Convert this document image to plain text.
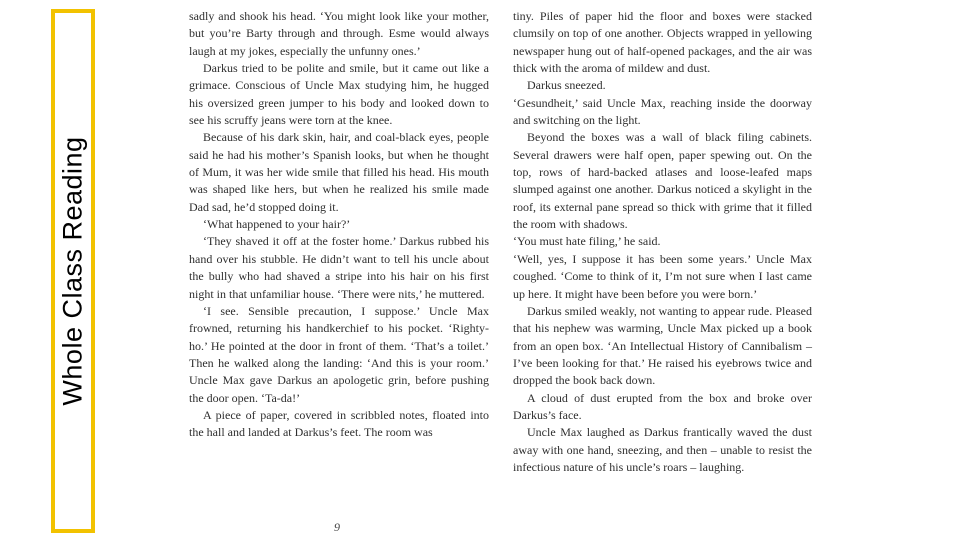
Whole Class Reading

sadly and shook his head. ‘You might look like your mother, but you’re Barty through and through. Esme would always laugh at my jokes, especially the unfunny ones.’

Darkus tried to be polite and smile, but it came out like a grimace. Conscious of Uncle Max studying him, he hugged his oversized green jumper to his body and looked down to see his scruffy jeans were torn at the knee.

Because of his dark skin, hair, and coal-black eyes, people said he had his mother’s Spanish looks, but when he thought of Mum, it was her wide smile that filled his head. His mouth was shaped like hers, but when he realized his smile made Dad sad, he’d stopped doing it.

‘What happened to your hair?’

‘They shaved it off at the foster home.’ Darkus rubbed his hand over his stubble. He didn’t want to tell his uncle about the bully who had shaved a stripe into his hair on his first night in that unfamiliar house. ‘There were nits,’ he muttered.

‘I see. Sensible precaution, I suppose.’ Uncle Max frowned, returning his handkerchief to his pocket. ‘Righty-ho.’ He pointed at the door in front of them. ‘That’s a toilet.’ Then he walked along the landing: ‘And this is your room.’ Uncle Max gave Darkus an apologetic grin, before pushing the door open. ‘Ta-da!’

A piece of paper, covered in scribbled notes, floated into the hall and landed at Darkus’s feet. The room was

9

tiny. Piles of paper hid the floor and boxes were stacked clumsily on top of one another. Objects wrapped in yellowing newspaper hung out of half-opened packages, and the air was thick with the aroma of mildew and dust.

Darkus sneezed.

‘Gesundheit,’ said Uncle Max, reaching inside the doorway and switching on the light.

Beyond the boxes was a wall of black filing cabinets. Several drawers were half open, paper spewing out. On the top, rows of hard-backed atlases and loose-leafed maps slumped against one another. Darkus noticed a skylight in the roof, its external pane spread so thick with grime that it filled the room with shadows.

‘You must hate filing,’ he said.

‘Well, yes, I suppose it has been some years.’ Uncle Max coughed. ‘Come to think of it, I’m not sure when I last came up here. It might have been before you were born.’

Darkus smiled weakly, not wanting to appear rude. Pleased that his nephew was warming, Uncle Max picked up a book from an open box. ‘An Intellectual History of Cannibalism – I’ve been looking for that.’ He raised his eyebrows twice and dropped the book back down.

A cloud of dust erupted from the box and broke over Darkus’s face.

Uncle Max laughed as Darkus frantically waved the dust away with one hand, sneezing, and then – unable to resist the infectious nature of his uncle’s roars – laughing.
